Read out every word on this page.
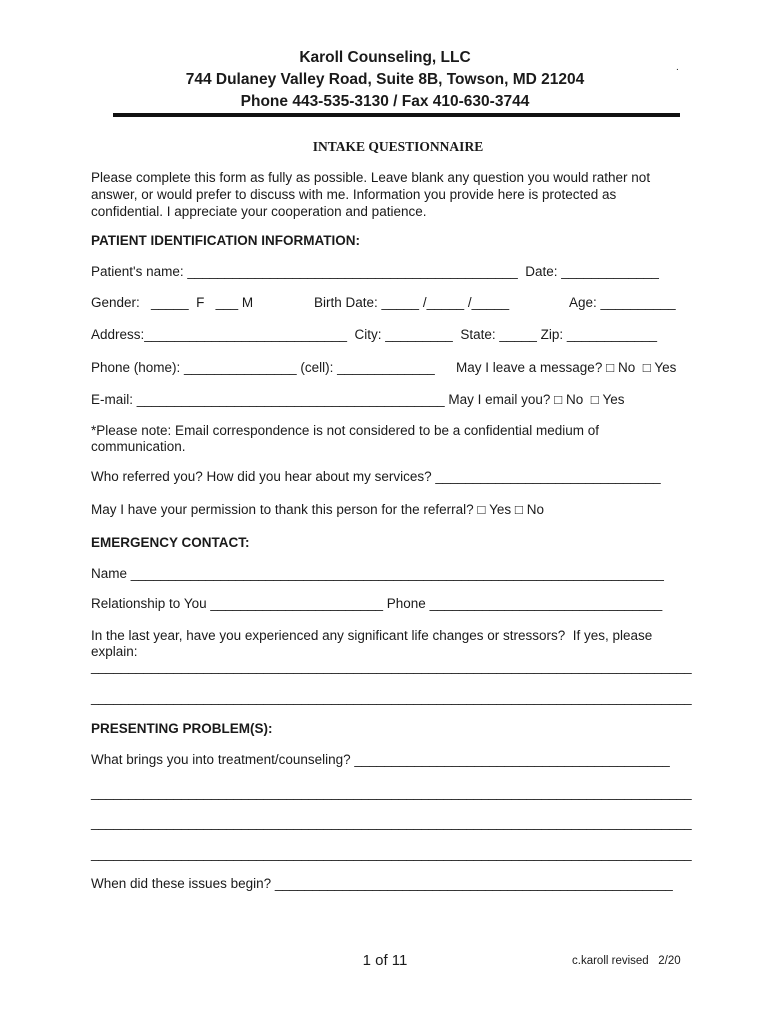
Karoll Counseling, LLC
744 Dulaney Valley Road, Suite 8B, Towson, MD 21204
Phone 443-535-3130 / Fax 410-630-3744
.
INTAKE QUESTIONNAIRE
Please complete this form as fully as possible. Leave blank any question you would rather not answer, or would prefer to discuss with me. Information you provide here is protected as confidential. I appreciate your cooperation and patience.
PATIENT IDENTIFICATION INFORMATION:
Patient's name: ____________________________________________  Date: _____________
Gender:   _____  F   ___ M	Birth Date: _____ /_____ /_____	Age: __________
Address:___________________________  City: _________  State: _____ Zip: ____________
Phone (home): _______________ (cell): _____________ May I leave a message? □ No  □ Yes
E-mail: _________________________________________ May I email you? □ No  □ Yes
*Please note: Email correspondence is not considered to be a confidential medium of
communication.
Who referred you? How did you hear about my services? ______________________________
May I have your permission to thank this person for the referral? □ Yes □ No
EMERGENCY CONTACT:
Name _______________________________________________________________________
Relationship to You _______________________ Phone _______________________________
In the last year, have you experienced any significant life changes or stressors?  If yes, please
explain:
________________________________________________________________________________
________________________________________________________________________________
PRESENTING PROBLEM(S):
What brings you into treatment/counseling? __________________________________________
________________________________________________________________________________
________________________________________________________________________________
________________________________________________________________________________
When did these issues begin? _____________________________________________________
1 of 11	c.karoll revised   2/20
